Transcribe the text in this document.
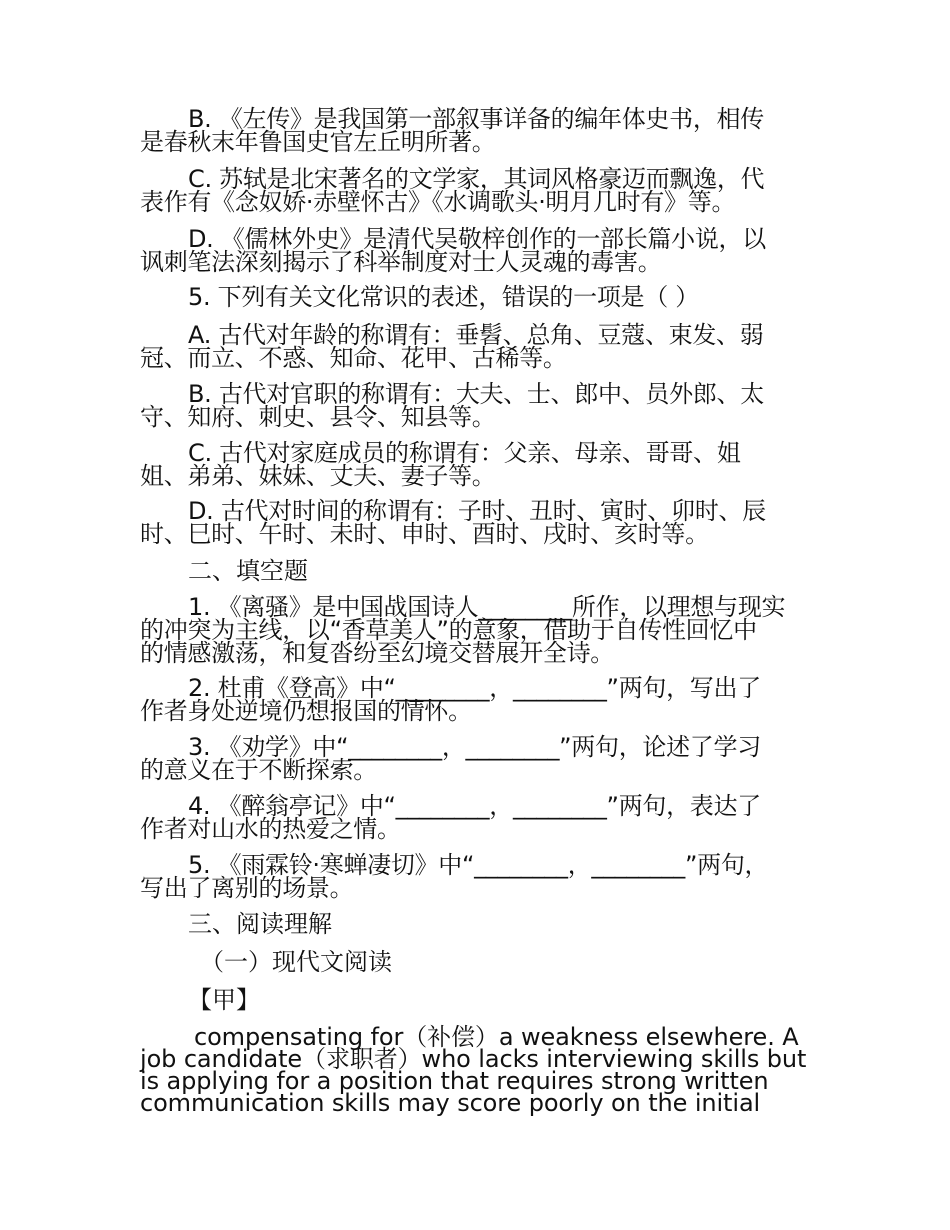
B. 《左传》是我国第一部叙事详备的编年体史书，相传
是春秋末年鲁国史官左丘明所著。
C. 苏轼是北宋著名的文学家，其词风格豪迈而飘逸，代
表作有《念奴娇·赤壁怀古》《水调歌头·明月几时有》等。
D. 《儒林外史》是清代吴敬梓创作的一部长篇小说，以
讽刺笔法深刻揭示了科举制度对士人灵魂的毒害。
5. 下列有关文化常识的表述，错误的一项是（ ）
A. 古代对年龄的称谓有：垂髫、总角、豆蔻、束发、弱
冠、而立、不惑、知命、花甲、古稀等。
B. 古代对官职的称谓有：大夫、士、郎中、员外郎、太
守、知府、刺史、县令、知县等。
C. 古代对家庭成员的称谓有：父亲、母亲、哥哥、姐
姐、弟弟、妹妹、丈夫、妻子等。
D. 古代对时间的称谓有：子时、丑时、寅时、卯时、辰
时、巳时、午时、未时、申时、酉时、戌时、亥时等。
二、填空题
1. 《离骚》是中国战国诗人________所作，以理想与现实
的冲突为主线，以“香草美人”的意象，借助于自传性回忆中
的情感激荡，和复沓纷至幻境交替展开全诗。
2. 杜甫《登高》中“________，________”两句，写出了
作者身处逆境仍想报国的情怀。
3. 《劝学》中“________，________”两句，论述了学习
的意义在于不断探索。
4. 《醉翁亭记》中“________，________”两句，表达了
作者对山水的热爱之情。
5. 《雨霖铃·寒蝉凄切》中“________，________”两句，
写出了离别的场景。
三、阅读理解
（一）现代文阅读
【甲】
compensating for（补偿）a weakness elsewhere. A
job candidate（求职者）who lacks interviewing skills but
is applying for a position that requires strong written
communication skills may score poorly on the initial
